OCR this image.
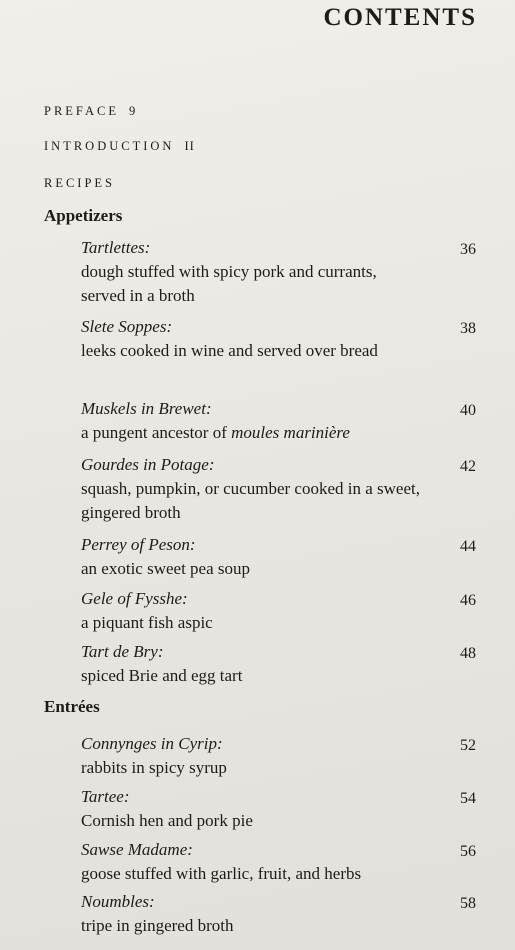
CONTENTS
PREFACE 9
INTRODUCTION II
RECIPES
Appetizers
Tartlettes:
dough stuffed with spicy pork and currants, served in a broth
36
Slete Soppes:
leeks cooked in wine and served over bread
38
Muskels in Brewet:
a pungent ancestor of moules marinière
40
Gourdes in Potage:
squash, pumpkin, or cucumber cooked in a sweet, gingered broth
42
Perrey of Peson:
an exotic sweet pea soup
44
Gele of Fysshe:
a piquant fish aspic
46
Tart de Bry:
spiced Brie and egg tart
48
Entrées
Connynges in Cyrip:
rabbits in spicy syrup
52
Tartee:
Cornish hen and pork pie
54
Sawse Madame:
goose stuffed with garlic, fruit, and herbs
56
Noumbles:
tripe in gingered broth
58
